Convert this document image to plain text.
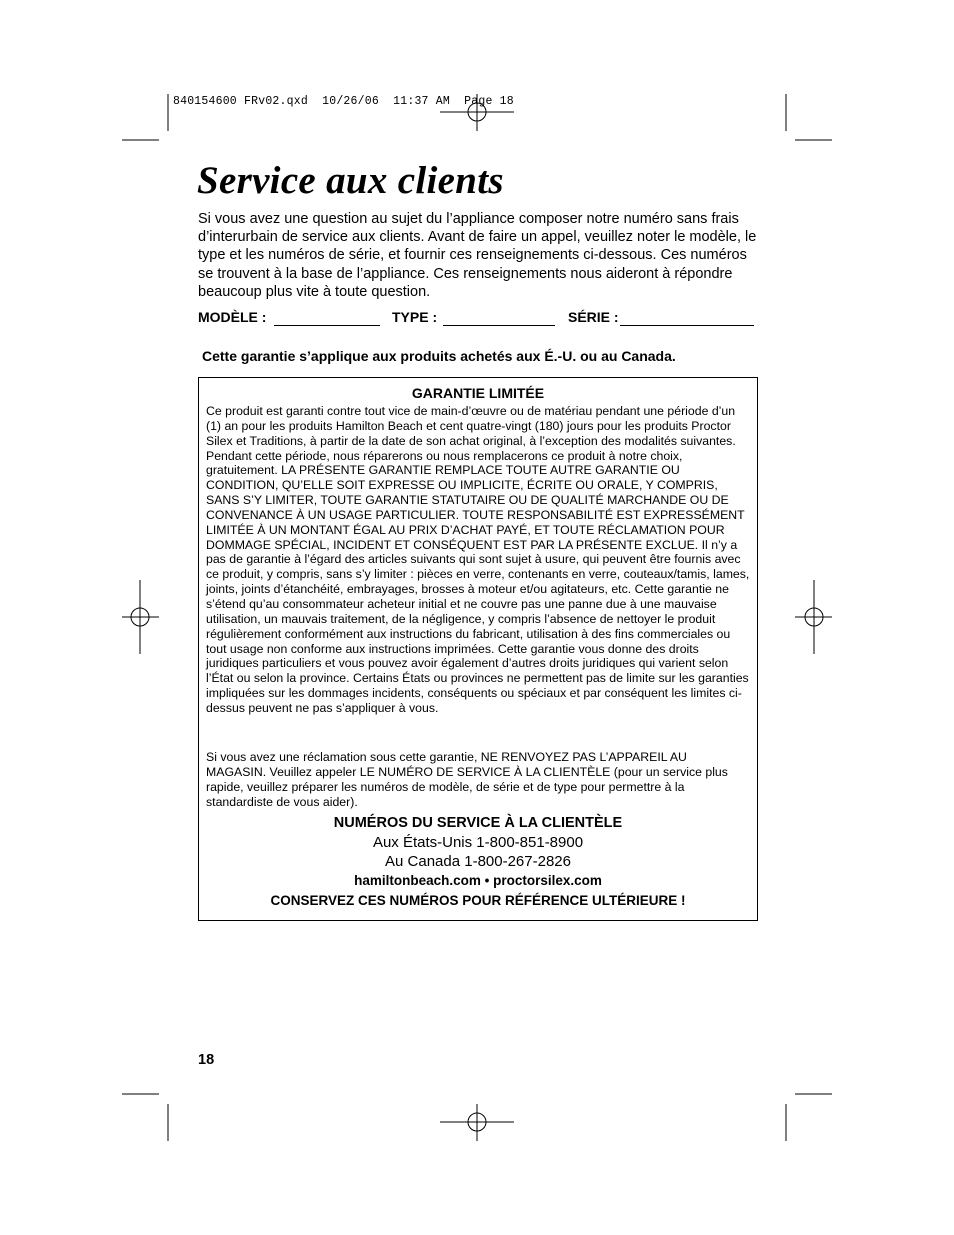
840154600 FRv02.qxd  10/26/06  11:37 AM  Page 18
Service aux clients

Si vous avez une question au sujet du l’appliance composer notre numéro sans frais d’interurbain de service aux clients. Avant de faire un appel, veuillez noter le modèle, le type et les numéros de série, et fournir ces renseignements ci-dessous. Ces numéros se trouvent à la base de l’appliance. Ces renseignements nous aideront à répondre beaucoup plus vite à toute question.

MODÈLE :	TYPE :	SÉRIE :
Cette garantie s’applique aux produits achetés aux É.-U. ou au Canada.
GARANTIE LIMITÉE

Ce produit est garanti contre tout vice de main-d’œuvre ou de matériau pendant une période d’un (1) an pour les produits Hamilton Beach et cent quatre-vingt (180) jours pour les produits Proctor Silex et Traditions, à partir de la date de son achat original, à l’exception des modalités suivantes. Pendant cette période, nous réparerons ou nous remplacerons ce produit à notre choix, gratuitement. LA PRÉSENTE GARANTIE REMPLACE TOUTE AUTRE GARANTIE OU CONDITION, QU’ELLE SOIT EXPRESSE OU IMPLICITE, ÉCRITE OU ORALE, Y COMPRIS, SANS S’Y LIMITER, TOUTE GARANTIE STATUTAIRE OU DE QUALITÉ MARCHANDE OU DE CONVENANCE À UN USAGE PARTICULIER. TOUTE RESPONSABILITÉ EST EXPRESSÉMENT LIMITÉE À UN MONTANT ÉGAL AU PRIX D’ACHAT PAYÉ, ET TOUTE RÉCLAMATION POUR DOMMAGE SPÉCIAL, INCIDENT ET CONSÉQUENT EST PAR LA PRÉSENTE EXCLUE. Il n’y a pas de garantie à l’égard des articles suivants qui sont sujet à usure, qui peuvent être fournis avec ce produit, y compris, sans s’y limiter : pièces en verre, contenants en verre, couteaux/tamis, lames, joints, joints d’étanchéité, embrayages, brosses à moteur et/ou agitateurs, etc. Cette garantie ne s’étend qu’au consommateur acheteur initial et ne couvre pas une panne due à une mauvaise utilisation, un mauvais traitement, de la négligence, y compris l’absence de nettoyer le produit régulièrement conformément aux instructions du fabricant, utilisation à des fins commerciales ou tout usage non conforme aux instructions imprimées. Cette garantie vous donne des droits juridiques particuliers et vous pouvez avoir également d’autres droits juridiques qui varient selon l’État ou selon la province. Certains États ou provinces ne permettent pas de limite sur les garanties impliquées sur les dommages incidents, conséquents ou spéciaux et par conséquent les limites ci-dessus peuvent ne pas s’appliquer à vous.

Si vous avez une réclamation sous cette garantie, NE RENVOYEZ PAS L’APPAREIL AU MAGASIN. Veuillez appeler LE NUMÉRO DE SERVICE À LA CLIENTÈLE (pour un service plus rapide, veuillez préparer les numéros de modèle, de série et de type pour permettre à la standardiste de vous aider).

NUMÉROS DU SERVICE À LA CLIENTÈLE
Aux États-Unis 1-800-851-8900
Au Canada 1-800-267-2826
hamiltonbeach.com • proctorsilex.com
CONSERVEZ CES NUMÉROS POUR RÉFÉRENCE ULTÉRIEURE !
18
